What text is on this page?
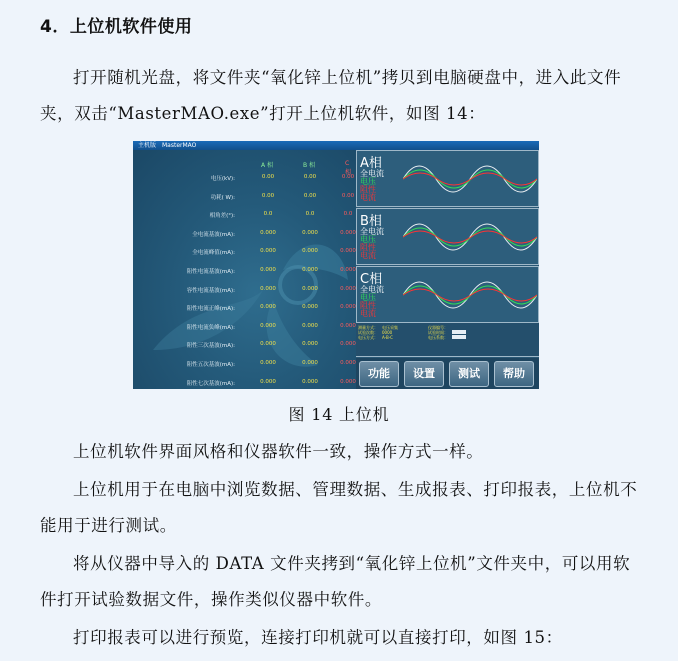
4．上位机软件使用
打开随机光盘，将文件夹“氧化锌上位机”拷贝到电脑硬盘中，进入此文件夹，双击“MasterMAO.exe”打开上位机软件，如图 14：
主机版　MasterMAO
A 相	B 相	C 相
电压(kV):	0.00	0.00	0.00
功耗( W):	0.00	0.00	0.00
相角差(°):	0.0	0.0	0.0
全电流基波(mA):	0.000	0.000	0.000
全电流峰值(mA):	0.000	0.000	0.000
阻性电流基波(mA):	0.000	0.000	0.000
容性电流基波(mA):	0.000	0.000	0.000
阻性电流正峰(mA):	0.000	0.000	0.000
阻性电流负峰(mA):	0.000	0.000	0.000
阻性三次基波(mA):	0.000	0.000	0.000
阻性五次基波(mA):	0.000	0.000	0.000
阻性七次基波(mA):	0.000	0.000	0.000
A相
全电流
电压
阻性
电流
B相
全电流
电压
阻性
电流
C相
全电流
电压
阻性
电流
测量方式： 电压采集
试验次数： 0000
电压方式： A-B-C
仪器编号：
试验时间：
电压系数：
功能	设置	测试	帮助
图 14 上位机
上位机软件界面风格和仪器软件一致，操作方式一样。
上位机用于在电脑中浏览数据、管理数据、生成报表、打印报表，上位机不能用于进行测试。
将从仪器中导入的 DATA 文件夹拷到“氧化锌上位机”文件夹中，可以用软件打开试验数据文件，操作类似仪器中软件。
打印报表可以进行预览，连接打印机就可以直接打印，如图 15：
